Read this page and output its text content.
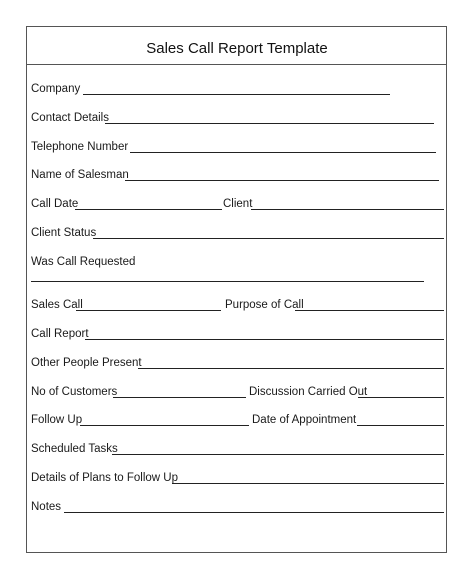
Sales Call Report Template
Company
Contact Details
Telephone Number
Name of Salesman
Call Date	Client
Client Status
Was Call Requested
Sales Call	Purpose of Call
Call Report
Other People Present
No of Customers	Discussion Carried Out
Follow Up	Date of Appointment
Scheduled Tasks
Details of Plans to Follow Up
Notes
